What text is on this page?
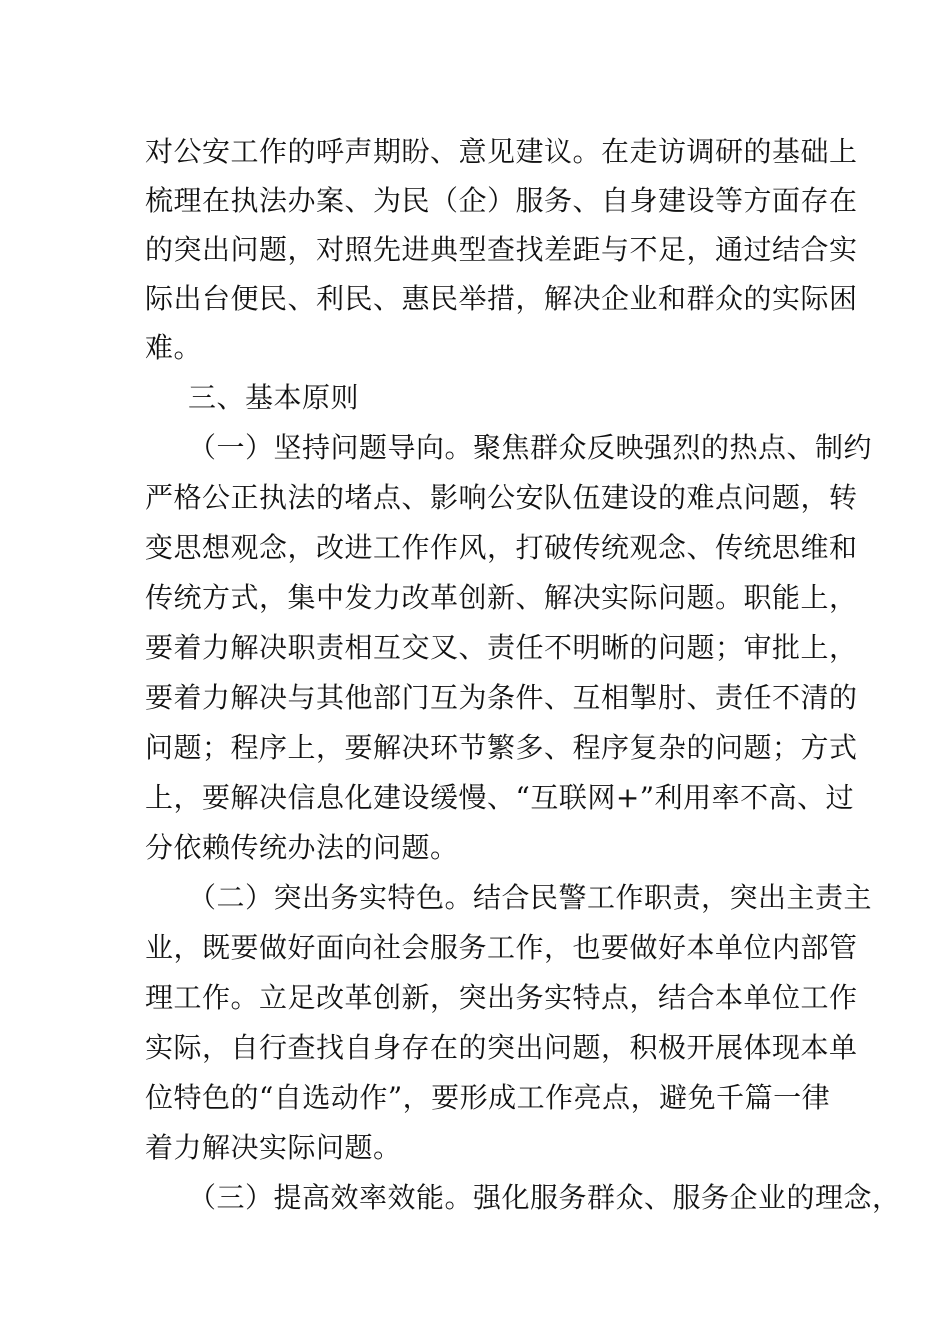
对公安工作的呼声期盼、意见建议。在走访调研的基础上
梳理在执法办案、为民（企）服务、自身建设等方面存在
的突出问题，对照先进典型查找差距与不足，通过结合实
际出台便民、利民、惠民举措，解决企业和群众的实际困
难。
三、基本原则
（一）坚持问题导向。聚焦群众反映强烈的热点、制约
严格公正执法的堵点、影响公安队伍建设的难点问题，转
变思想观念，改进工作作风，打破传统观念、传统思维和
传统方式，集中发力改革创新、解决实际问题。职能上，
要着力解决职责相互交叉、责任不明晰的问题；审批上，
要着力解决与其他部门互为条件、互相掣肘、责任不清的
问题；程序上，要解决环节繁多、程序复杂的问题；方式
上，要解决信息化建设缓慢、“互联网+”利用率不高、过
分依赖传统办法的问题。
（二）突出务实特色。结合民警工作职责，突出主责主
业，既要做好面向社会服务工作，也要做好本单位内部管
理工作。立足改革创新，突出务实特点，结合本单位工作
实际，自行查找自身存在的突出问题，积极开展体现本单
位特色的“自选动作”，要形成工作亮点，避免千篇一律
着力解决实际问题。
（三）提高效率效能。强化服务群众、服务企业的理念，
